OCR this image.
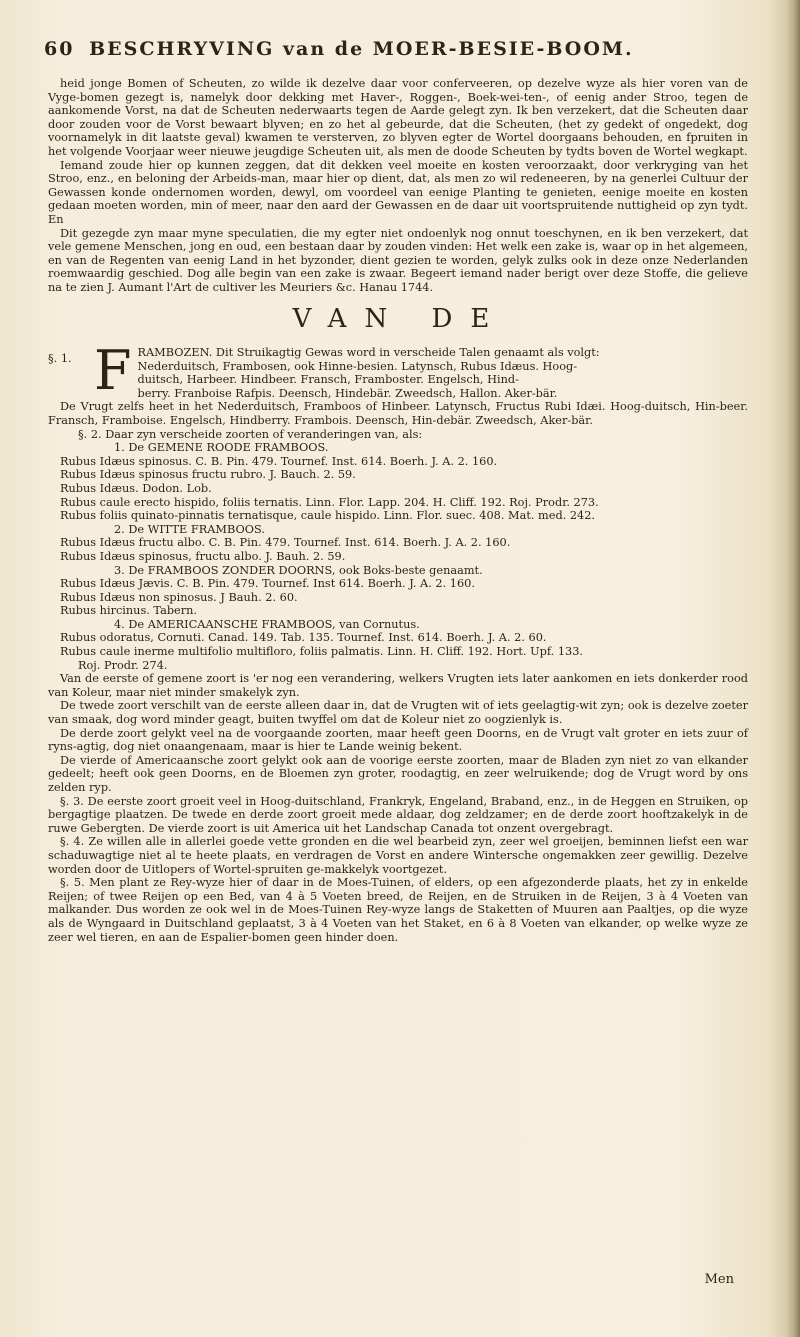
60 BESCHRYVING van de MOER-BESIE-BOOM.

heid jonge Bomen of Scheuten, zo wilde ik dezelve daar voor conferveeren, op dezelve wyze als hier voren van de Vyge-bomen gezegt is, namelyk door dekking met Haver-, Roggen-, Boek-wei-ten-, of eenig ander Stroo, tegen de aankomende Vorst, na dat de Scheuten nederwaarts tegen de Aarde gelegt zyn. Ik ben verzekert, dat die Scheuten daar door zouden voor de Vorst bewaart blyven; en zo het al gebeurde, dat die Scheuten, (het zy gedekt of ongedekt, dog voornamelyk in dit laatste geval) kwamen te versterven, zo blyven egter de Wortel doorgaans behouden, en fpruiten in het volgende Voorjaar weer nieuwe jeugdige Scheuten uit, als men de doode Scheuten by tydts boven de Wortel wegkapt.

Iemand zoude hier op kunnen zeggen, dat dit dekken veel moeite en kosten veroorzaakt, door verkryging van het Stroo, enz., en beloning der Arbeids-man, maar hier op dient, dat, als men zo wil redeneeren, by na generlei Cultuur der Gewassen konde ondernomen worden, dewyl, om voordeel van eenige Planting te genieten, eenige moeite en kosten gedaan moeten worden, min of meer, naar den aard der Gewassen en de daar uit voortspruitende nuttigheid op zyn tydt. En

Dit gezegde zyn maar myne speculatien, die my egter niet ondoenlyk nog onnut toeschynen, en ik ben verzekert, dat vele gemene Menschen, jong en oud, een bestaan daar by zouden vinden: Het welk een zake is, waar op in het algemeen, en van de Regenten van eenig Land in het byzonder, dient gezien te worden, gelyk zulks ook in deze onze Nederlanden roemwaardig geschied. Dog alle begin van een zake is zwaar. Begeert iemand nader berigt over deze Stoffe, die gelieve na te zien J. Aumant l'Art de cultiver les Meuriers &c. Hanau 1744.

VAN DE
§. 1. F RAMBOZEN. Dit Struikagtig Gewas word in verscheide Talen genaamt als volgt:
Nederduitsch, Frambosen, ook Hinne-besien. Latynsch, Rubus Idæus. Hoog-
duitsch, Harbeer. Hindbeer. Fransch, Framboster. Engelsch, Hind-
berry. Franboise Rafpis. Deensch, Hindebär. Zweedsch, Hallon. Aker-bär.

De Vrugt zelfs heet in het Nederduitsch, Framboos of Hinbeer. Latynsch, Fructus Rubi Idæi. Hoog-duitsch, Hin-beer. Fransch, Framboise. Engelsch, Hindberry. Frambois. Deensch, Hin-debär. Zweedsch, Aker-bär.

§. 2. Daar zyn verscheide zoorten of veranderingen van, als:

1. De GEMENE ROODE FRAMBOOS.

Rubus Idæus spinosus. C. B. Pin. 479. Tournef. Inst. 614. Boerh. J. A. 2. 160.

Rubus Idæus spinosus fructu rubro. J. Bauch. 2. 59.

Rubus Idæus. Dodon. Lob.

Rubus caule erecto hispido, foliis ternatis. Linn. Flor. Lapp. 204. H. Cliff. 192. Roj. Prodr. 273.

Rubus foliis quinato-pinnatis ternatisque, caule hispido. Linn. Flor. suec. 408. Mat. med. 242.

2. De WITTE FRAMBOOS.

Rubus Idæus fructu albo. C. B. Pin. 479. Tournef. Inst. 614. Boerh. J. A. 2. 160.

Rubus Idæus spinosus, fructu albo. J. Bauh. 2. 59.

3. De FRAMBOOS ZONDER DOORNS, ook Boks-beste genaamt.

Rubus Idæus Jævis. C. B. Pin. 479. Tournef. Inst 614. Boerh. J. A. 2. 160.

Rubus Idæus non spinosus. J Bauh. 2. 60.

Rubus hircinus. Tabern.

4. De AMERICAANSCHE FRAMBOOS, van Cornutus.

Rubus odoratus, Cornuti. Canad. 149. Tab. 135. Tournef. Inst. 614. Boerh. J. A. 2. 60.

Rubus caule inerme multifolio multifloro, foliis palmatis. Linn. H. Cliff. 192. Hort. Upf. 133.

Roj. Prodr. 274.

Van de eerste of gemene zoort is 'er nog een verandering, welkers Vrugten iets later aankomen en iets donkerder rood van Koleur, maar niet minder smakelyk zyn.

De twede zoort verschilt van de eerste alleen daar in, dat de Vrugten wit of iets geelagtig-wit zyn; ook is dezelve zoeter van smaak, dog word minder geagt, buiten twyffel om dat de Koleur niet zo oogzienlyk is.

De derde zoort gelykt veel na de voorgaande zoorten, maar heeft geen Doorns, en de Vrugt valt groter en iets zuur of ryns-agtig, dog niet onaangenaam, maar is hier te Lande weinig bekent.

De vierde of Americaansche zoort gelykt ook aan de voorige eerste zoorten, maar de Bladen zyn niet zo van elkander gedeelt; heeft ook geen Doorns, en de Bloemen zyn groter, roodagtig, en zeer welruikende; dog de Vrugt word by ons zelden ryp.

§. 3. De eerste zoort groeit veel in Hoog-duitschland, Frankryk, Engeland, Braband, enz., in de Heggen en Struiken, op bergagtige plaatzen. De twede en derde zoort groeit mede aldaar, dog zeldzamer; en de derde zoort hooftzakelyk in de ruwe Gebergten. De vierde zoort is uit America uit het Landschap Canada tot onzent overgebragt.

§. 4. Ze willen alle in allerlei goede vette gronden en die wel bearbeid zyn, zeer wel groeijen, beminnen liefst een war schaduwagtige niet al te heete plaats, en verdragen de Vorst en andere Wintersche ongemakken zeer gewillig. Dezelve worden door de Uitlopers of Wortel-spruiten ge-makkelyk voortgezet.

§. 5. Men plant ze Rey-wyze hier of daar in de Moes-Tuinen, of elders, op een afgezonderde plaats, het zy in enkelde Reijen; of twee Reijen op een Bed, van 4 à 5 Voeten breed, de Reijen, en de Struiken in de Reijen, 3 à 4 Voeten van malkander. Dus worden ze ook wel in de Moes-Tuinen Rey-wyze langs de Staketten of Muuren aan Paaltjes, op die wyze als de Wyngaard in Duitschland geplaatst, 3 à 4 Voeten van het Staket, en 6 à 8 Voeten van elkander, op welke wyze ze zeer wel tieren, en aan de Espalier-bomen geen hinder doen.

Men
